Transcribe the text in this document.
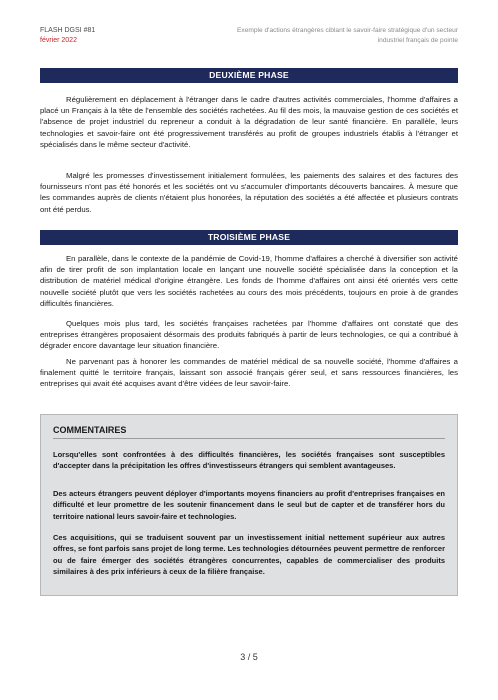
FLASH DGSI #81
février 2022
Exemple d'actions étrangères ciblant le savoir-faire stratégique d'un secteur industriel français de pointe
DEUXIÈME PHASE

Régulièrement en déplacement à l'étranger dans le cadre d'autres activités commerciales, l'homme d'affaires a placé un Français à la tête de l'ensemble des sociétés rachetées. Au fil des mois, la mauvaise gestion de ces sociétés et l'absence de projet industriel du repreneur a conduit à la dégradation de leur santé financière. En parallèle, leurs technologies et savoir-faire ont été progressivement transférés au profit de groupes industriels établis à l'étranger et spécialisés dans le même secteur d'activité.

Malgré les promesses d'investissement initialement formulées, les paiements des salaires et des factures des fournisseurs n'ont pas été honorés et les sociétés ont vu s'accumuler d'importants découverts bancaires. À mesure que les commandes auprès de clients n'étaient plus honorées, la réputation des sociétés a été affectée et plusieurs contrats ont été perdus.

TROISIÈME PHASE

En parallèle, dans le contexte de la pandémie de Covid-19, l'homme d'affaires a cherché à diversifier son activité afin de tirer profit de son implantation locale en lançant une nouvelle société spécialisée dans la conception et la distribution de matériel médical d'origine étrangère. Les fonds de l'homme d'affaires ont ainsi été orientés vers cette nouvelle société plutôt que vers les sociétés rachetées au cours des mois précédents, toujours en proie à de grandes difficultés financières.

Quelques mois plus tard, les sociétés françaises rachetées par l'homme d'affaires ont constaté que des entreprises étrangères proposaient désormais des produits fabriqués à partir de leurs technologies, ce qui a contribué à dégrader encore davantage leur situation financière.

Ne parvenant pas à honorer les commandes de matériel médical de sa nouvelle société, l'homme d'affaires a finalement quitté le territoire français, laissant son associé français gérer seul, et sans ressources financières, les entreprises qui avait été acquises avant d'être vidées de leur savoir-faire.

COMMENTAIRES

Lorsqu'elles sont confrontées à des difficultés financières, les sociétés françaises sont susceptibles d'accepter dans la précipitation les offres d'investisseurs étrangers qui semblent avantageuses.

Des acteurs étrangers peuvent déployer d'importants moyens financiers au profit d'entreprises françaises en difficulté et leur promettre de les soutenir financement dans le seul but de capter et de transférer hors du territoire national leurs savoir-faire et technologies.

Ces acquisitions, qui se traduisent souvent par un investissement initial nettement supérieur aux autres offres, se font parfois sans projet de long terme. Les technologies détournées peuvent permettre de renforcer ou de faire émerger des sociétés étrangères concurrentes, capables de commercialiser des produits similaires à des prix inférieurs à ceux de la filière française.

3 / 5
